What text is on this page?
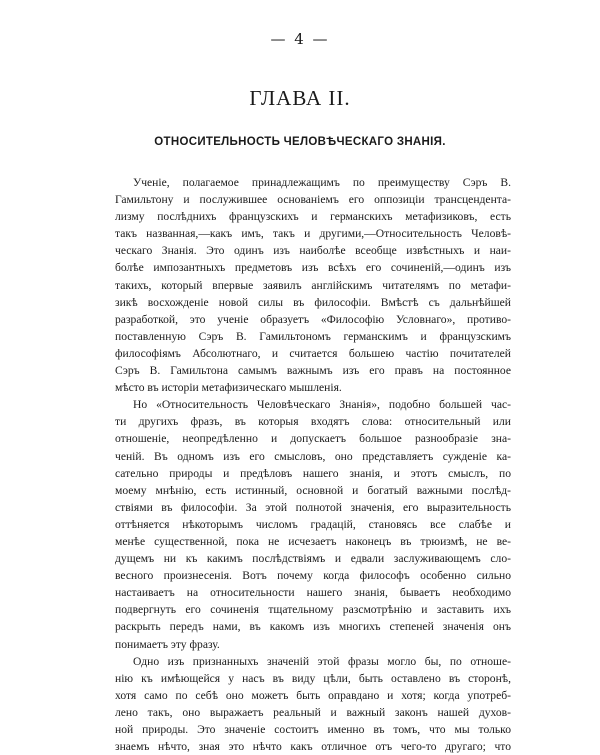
— 4 —
ГЛАВА II.
ОТНОСИТЕЛЬНОСТЬ ЧЕЛОВѢЧЕСКАГО ЗНАНІЯ.
Ученіе, полагаемое принадлежащимъ по преимуществу Сэръ В.
Гамильтону и послужившее основаніемъ его оппозиціи трансцендента-
лизму послѣднихъ французскихъ и германскихъ метафизиковъ, есть
такъ названная,—какъ имъ, такъ и другими,—Относительность Человѣ-
ческаго Знанія. Это одинъ изъ наиболѣе всеобще извѣстныхъ и наи-
болѣе импозантныхъ предметовъ изъ всѣхъ его сочиненій,—одинъ изъ
такихъ, который впервые заявилъ англійскимъ читателямъ по метафи-
зикѣ восхожденіе новой силы въ философіи. Вмѣстѣ съ дальнѣйшей
разработкой, это ученіе образуетъ «Философію Условнаго», противо-
поставленную Сэръ В. Гамильтономъ германскимъ и французскимъ
философіямъ Абсолютнаго, и считается большею частію почитателей
Сэръ В. Гамильтона самымъ важнымъ изъ его правъ на постоянное
мѣсто въ исторіи метафизическаго мышленія.
Но «Относительность Человѣческаго Знанія», подобно большей час-
ти другихъ фразъ, въ которыя входятъ слова: относительный или
отношеніе, неопредѣленно и допускаетъ большое разнообразіе зна-
ченій. Въ одномъ изъ его смысловъ, оно представляетъ сужденіе ка-
сательно природы и предѣловъ нашего знанія, и этотъ смыслъ, по
моему мнѣнію, есть истинный, основной и богатый важными послѣд-
ствіями въ философіи. За этой полнотой значенія, его выразительность
оттѣняется нѣкоторымъ числомъ градацій, становясь все слабѣе и
менѣе существенной, пока не исчезаетъ наконецъ въ трюизмѣ, не ве-
дущемъ ни къ какимъ послѣдствіямъ и едвали заслуживающемъ сло-
весного произнесенія. Вотъ почему когда философъ особенно сильно
настаиваетъ на относительности нашего знанія, бываетъ необходимо
подвергнуть его сочиненія тщательному разсмотрѣнію и заставить ихъ
раскрыть передъ нами, въ какомъ изъ многихъ степеней значенія онъ
понимаетъ эту фразу.
Одно изъ признанныхъ значеній этой фразы могло бы, по отноше-
нію къ имѣющейся у насъ въ виду цѣли, быть оставлено въ сторонѣ,
хотя само по себѣ оно можетъ быть оправдано и хотя; когда употреб-
лено такъ, оно выражаетъ реальный и важный законъ нашей духов-
ной природы. Это значеніе состоитъ именно въ томъ, что мы только
знаемъ нѣчто, зная это нѣчто какъ отличное отъ чего-то другаго; что
